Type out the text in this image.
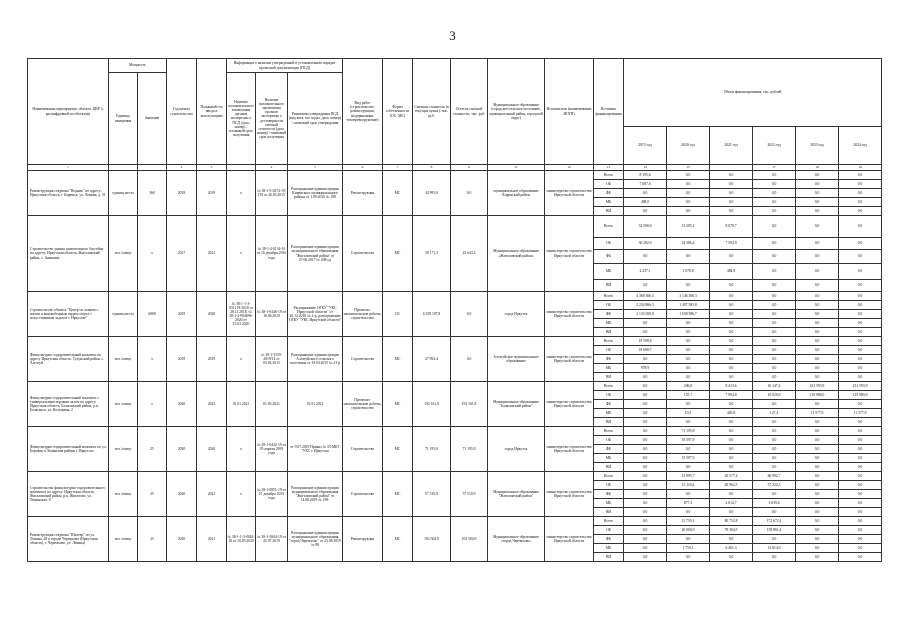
3
Наименование мероприятия, объекта, ЦКР (с расшифровкой по объектам)	Мощность		Год начала строительства	Плановый год ввода в эксплуатацию	Информация о наличии утвержденной в установленном порядке проектной документации (ПСД)			Вид работ (строительство, реконструкция, модернизация, техперевооружение)	Форма собственности (ОС/ МС)	Сметная стоимость (в текущих ценах), тыс. руб.	Остаток сметной стоимости, тыс. руб.	Муниципальное образование (городское/сельское поселение, муниципальный район, городской округ)	Исполнитель (наименование ИОГВ)	Источник финансирования	Объем финансирования, тыс. рублей					
	Единица измерения	Значение			Наличие положительного заключения органов экспертизы о ПСД (дата, номер) / плановый срок получения	Наличие положительного заключения органов экспертизы о достоверности сметной стоимости (дата, номер) / плановый срок получения	Реквизиты утверждения ПСД (вид акта, кто издал, дата, номер) / плановый срок утверждения													
															2015 год	2020 год	2021 год	2022 год	2023 год	2024 год
1			2	3		4	5	6	7	8	9	11	12	13	14	15		17	18	19
Реконструкция стадиона "Водник" по адресу: Иркутская область, г. Киренск, ул. Ленина, д. 51	единиц места	360	2018	2019	х	№ 38-1-5-0274-19/ГИ от 26.03.2015	Распоряжение администрации Киренского муниципального района от 1.09.2016 № 188	Реконструкция	МС	44 995,8	0,0	муниципальное образование Киренский район	министерство строительства Иркутской области	Всего	8 195,6	0,0	0,0	0,0	0,0	0,0
														ОБ	7 687,6	0,0	0,0	0,0	0,0	0,0
														ФБ	0,0	0,0	0,0	0,0	0,0	0,0
														МБ	498,0	0,0	0,0	0,0	0,0	0,0
														ВИ	0,0	0,0	0,0	0,0	0,0	0,0
Строительство здания плавательного бассейна по адресу: Иркутская область, Жигаловский район, с. Знаменка	чел./смену	х	2017	2021	х	№ 38-1-4-0134-16 от 16 декабря 2016 года	Распоряжение администрации муниципального образования "Жигаловский район" от 27.06.2017 № 208-од	Строительство	МС	58 171,3	22 643,2	Муниципальное образование «Жигаловский район»	министерство строительства Иркутской области	Всего	32 500,0	13 285,2	8 078,7	0,0	0,0	0,0
														ОБ	30 292,9	14 306,4	7 594,9	0,0	0,0	0,0
														ФБ	0,0	0,0	0,0	0,0	0,0	0,0
														МБ	2 237,1	1 078,8	484,8	0,0	0,0	0,0
														ВИ	0,0	0,0	0,0	0,0	0,0	0,0
Строительство объекта "Центр по хоккею с мячом и конькобежным видам спорта с искусственным льдом в г. Иркутске"	единиц места	6000	2018	2020	№ 38-1-1-3-031219-2018 от 28.11.2018, № 38-1-2-004696-2020 от 15.03.2020	№ 38-1-0446-19 от 16.06.2019	Распоряжение ОГКУ "УКС Иркутской области" от 26.12.2018 № 2-р, распоряжение ОГКУ "УКС Иркутской области"	Проектно-изыскательские работы, строительство	ОС	6 359 197,8	0,0	город Иркутск	министерство строительства Иркутской области	Всего	4 368 366,3	3 146 368,3	0,0	0,0	0,0	0,0
														ОБ	2 234 866,3	1 497 583,8	0,0	0,0	0,0	0,0
														ФБ	2 133 500,0	1 638 586,7	0,0	0,0	0,0	0,0
														МБ	0,0	0,0	0,0	0,0	0,0	0,0
														ВИ	0,0	0,0	0,0	0,0	0,0	0,0
Физкультурно-оздоровительный комплекс по адресу Иркутская область, Тулунский район, с. Алгатуй	чел./смену	х	2018	2019	х	№ 38-1-3559-2019/14 от 03.02.2015	Распоряжение администрации Алгатуйского сельского поселения от 29.04.2015 № 21-р	Строительство	МС	27 992,4	0,0	Алгатуйское муниципальное образование	министерство строительства Иркутской области	Всего	19 598,6	0,0	0,0	0,0	0,0	0,0
														ОБ	18 608,7	0,0	0,0	0,0	0,0	0,0
														ФБ	0,0	0,0	0,0	0,0	0,0	0,0
														МБ	978,9	0,0	0,0	0,0	0,0	0,0
														ВИ	0,0	0,0	0,0	0,0	0,0	0,0
Физкультурно-оздоровительный комплекс с универсальным игровым залом по адресу: Иркутская область, Балаганский район, р.п. Балаганск, ул. Кольцевая, 2	чел./смену	х	2020	2023	01.01.2021	01.03.2021	01.01.2021	Проектно-изыскательские работы, строительство	МС	192 161,8	192 161,8	Муниципальное образование "Балаганский район"	министерство строительства Иркутской области	Всего	0,0	206,0	8 413,6	16 147,4	231 593,9	231 593,9
														ОБ	0,0	155,7	7 994,8	10 020,0	219 980,0	219 980,0
														ФБ	0,0	0,0	0,0	0,0	0,0	0,0
														МБ	0,0	10,3	420,8	127,4	11 577,9	11 577,9
														ВИ	0,0	0,0	0,0	0,0	0,0	0,0
Физкультурно-оздоровительный комплекс по ул. Боровая и Ленинская района г. Иркутска	чел./смену	25	2020	2020	х	№ 38-1-0432-19 от 05 апреля 2019 года	от 9.07.2019 Приказ № 33-МБУ "УКС г. Иркутска	Строительство	МС	71 195,8	71 195,8	город Иркутск	министерство строительства Иркутской области	Всего	0,0	71 195,8	0,0	0,0	0,0	0,0
														ОБ	0,0	55 597,9	0,0	0,0	0,0	0,0
														ФБ	0,0	0,0	0,0	0,0	0,0	0,0
														МБ	0,0	15 597,9	0,0	0,0	0,0	0,0
														ВИ	0,0	0,0	0,0	0,0	0,0	0,0
Строительство физкультурно-оздоровительного комплекса по адресу: Иркутская область, Жигаловский район, р.п. Жигалово, ул. Ленинская, 8	чел./смену	25	2020	2022	х	№ 38-1-0851-19 от 21 декабря 2015 года	Распоряжение администрации муниципального образования "Жигаловский район" от 14.08.2019 № 199-	Строительство	МС	57 510,9	57 510,9	Муниципальное образование "Жигаловский район"	министерство строительства Иркутской области	Всего	0,0	13 995,7	45 577,2	60 992,7	0,0	0,0
														ОБ	0,0	13 116,4	40 962,5	57 222,3	0,0	0,0
														ФБ	0,0	0,0	0,0	0,0	0,0	0,0
														МБ	0,0	877,3	2 614,7	3 639,6	0,0	0,0
														ВИ	0,0	0,0	0,0	0,0	0,0	0,0
Реконструкция стадиона "Шахтер" по ул. Ленина, 28 в городе Черемхово (Иркутская область), г. Черемхово, ул. Ленина)	чел./смену	25	2020	2021	№ 38-1-1-3-0044-18 от 10.05.2020	№ 38-1-5604-19 от 25.07.2019	Распоряжение администрации муниципального образования "город Черемхово" от 23.08.2019 № 98	Реконструкция	МС	102 504,9	102 504,9	Муниципальное образование «город Черемхово»	министерство строительства Иркутской области	Всего	0,0	21 759,1	80 752,8	172 672,4	0,0	0,0
														ОБ	0,0	20 000,0	79 304,5	158 861,4	0,0	0,0
														ФБ	0,0	0,0	0,0	0,0	0,0	0,0
														МБ	0,0	1 759,1	6 461,3	13 814,0	0,0	0,0
														ВИ	0,0	0,0	0,0	0,0	0,0	0,0
